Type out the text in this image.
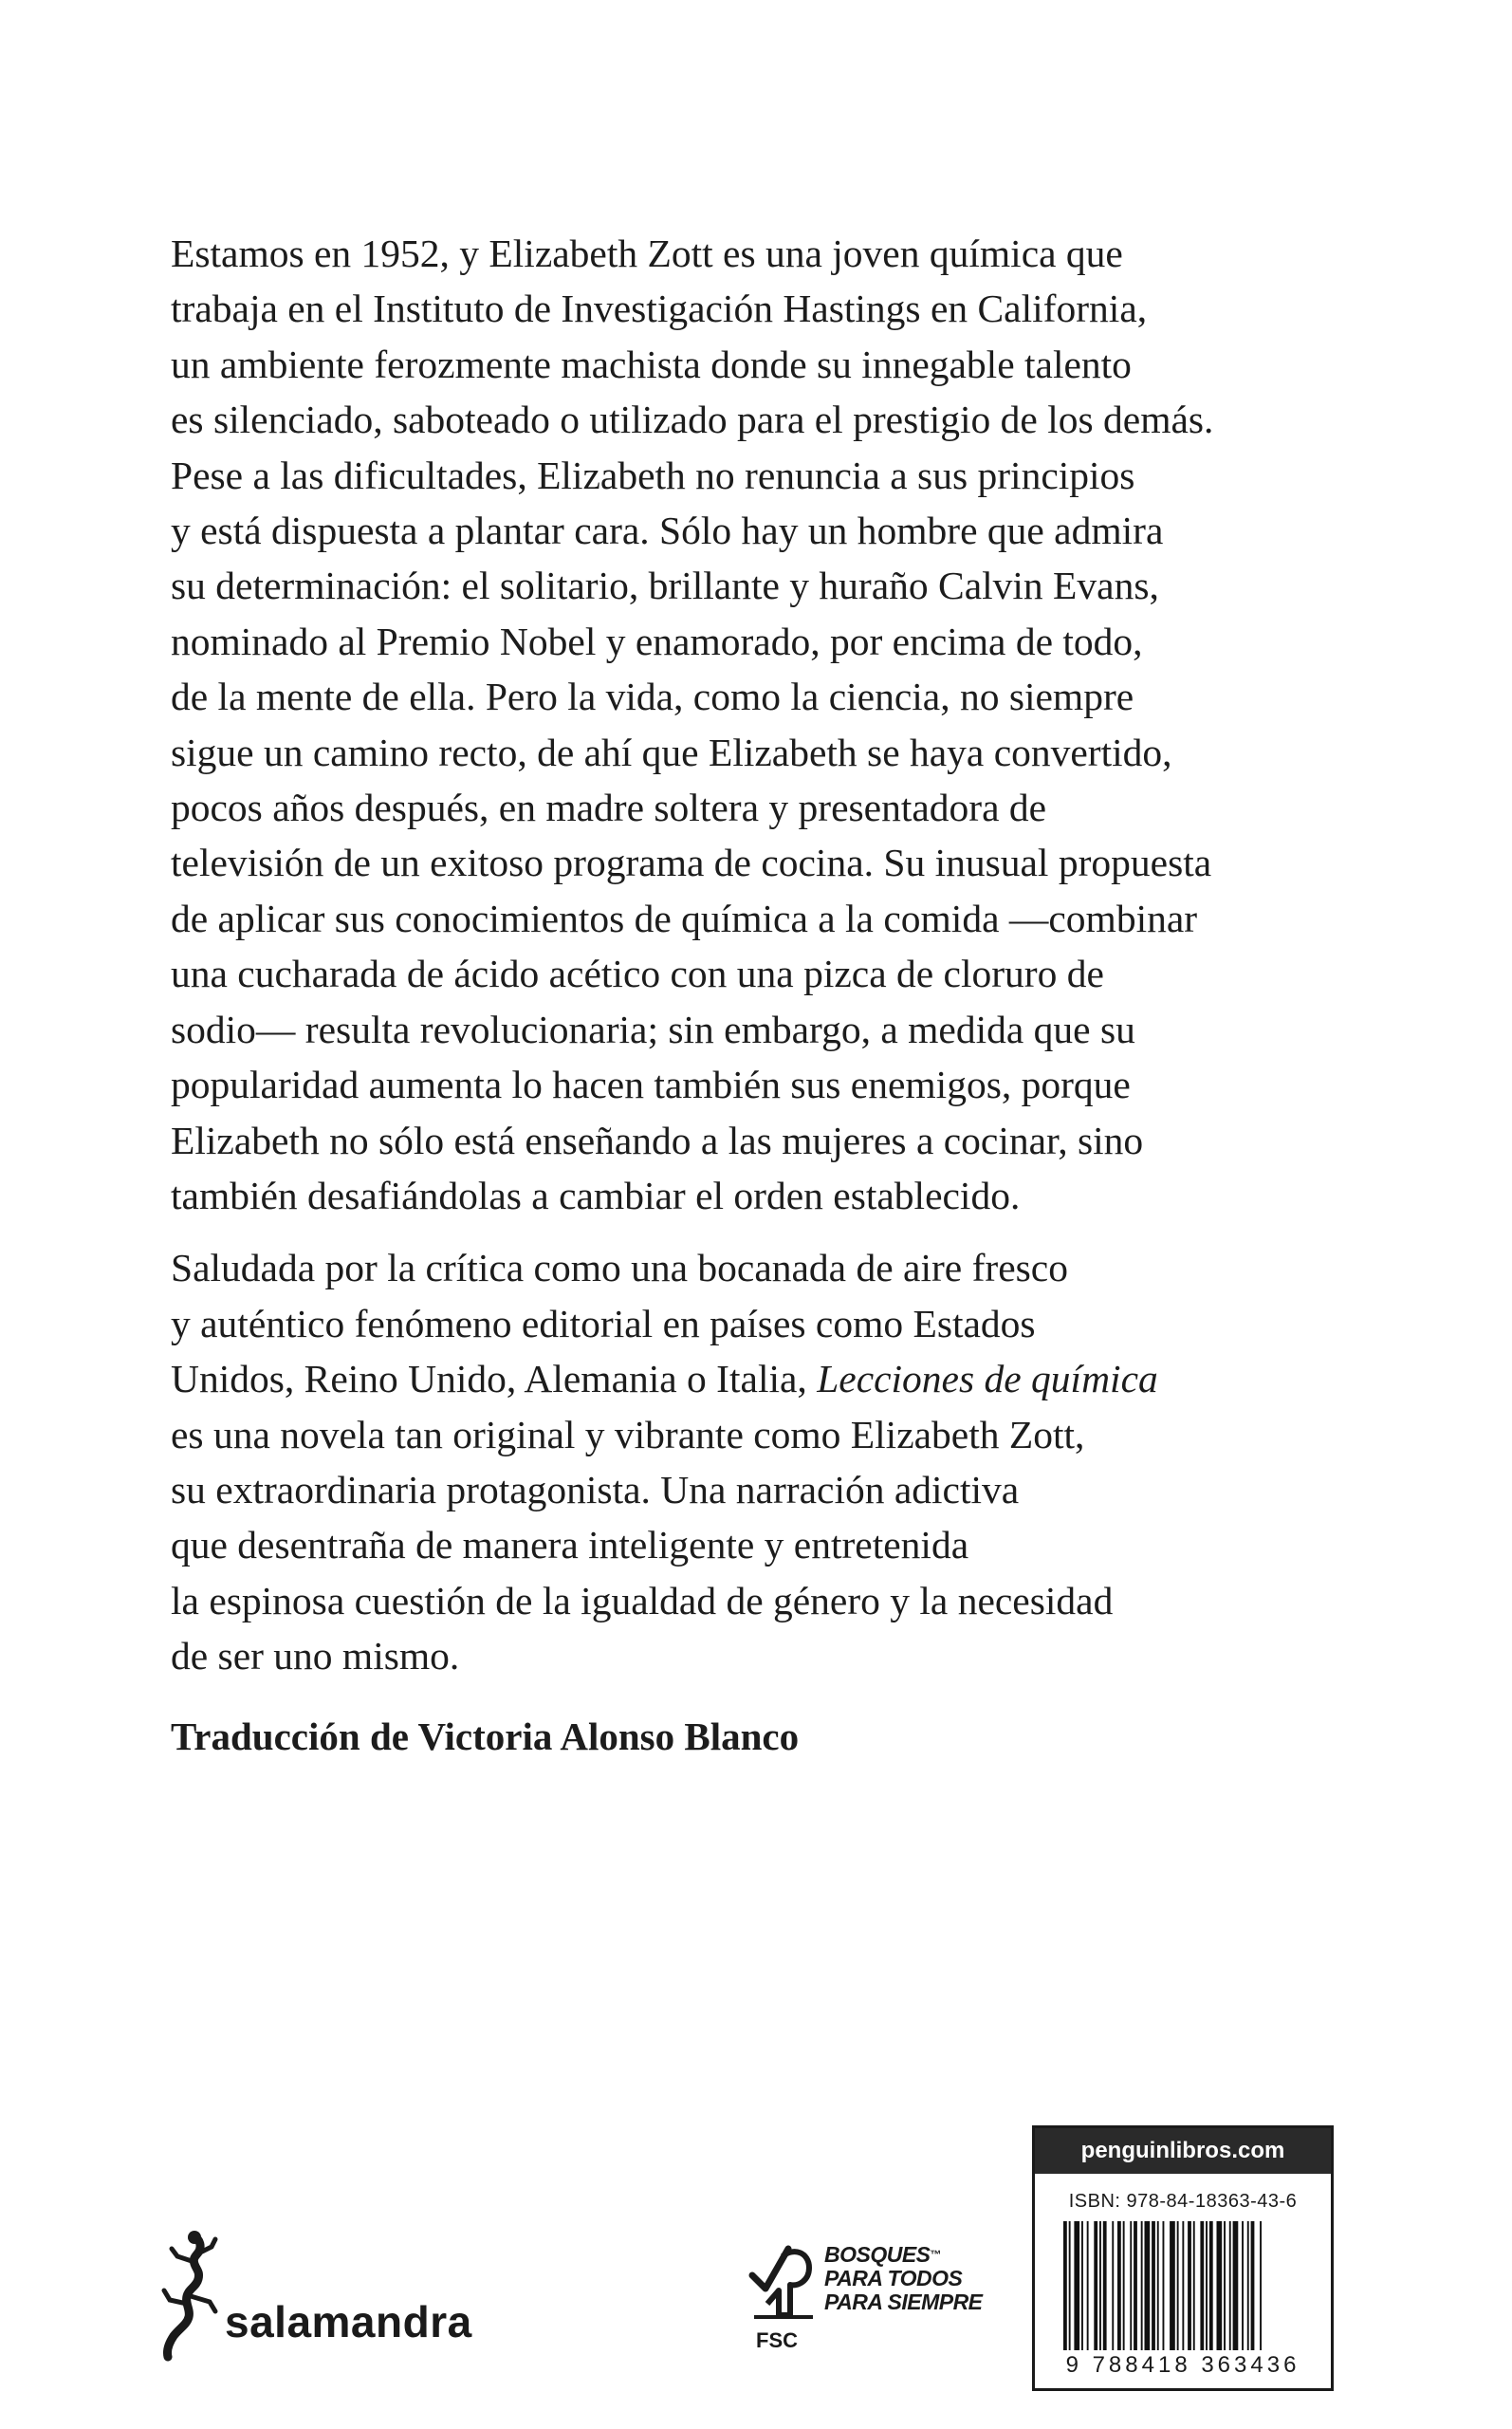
Estamos en 1952, y Elizabeth Zott es una joven química que
trabaja en el Instituto de Investigación Hastings en California,
un ambiente ferozmente machista donde su innegable talento
es silenciado, saboteado o utilizado para el prestigio de los demás.
Pese a las dificultades, Elizabeth no renuncia a sus principios
y está dispuesta a plantar cara. Sólo hay un hombre que admira
su determinación: el solitario, brillante y huraño Calvin Evans,
nominado al Premio Nobel y enamorado, por encima de todo,
de la mente de ella. Pero la vida, como la ciencia, no siempre
sigue un camino recto, de ahí que Elizabeth se haya convertido,
pocos años después, en madre soltera y presentadora de
televisión de un exitoso programa de cocina. Su inusual propuesta
de aplicar sus conocimientos de química a la comida —combinar
una cucharada de ácido acético con una pizca de cloruro de
sodio— resulta revolucionaria; sin embargo, a medida que su
popularidad aumenta lo hacen también sus enemigos, porque
Elizabeth no sólo está enseñando a las mujeres a cocinar, sino
también desafiándolas a cambiar el orden establecido.

Saludada por la crítica como una bocanada de aire fresco
y auténtico fenómeno editorial en países como Estados
Unidos, Reino Unido, Alemania o Italia, Lecciones de química
es una novela tan original y vibrante como Elizabeth Zott,
su extraordinaria protagonista. Una narración adictiva
que desentraña de manera inteligente y entretenida
la espinosa cuestión de la igualdad de género y la necesidad
de ser uno mismo.

Traducción de Victoria Alonso Blanco
salamandra
BOSQUES™
PARA TODOS
PARA SIEMPRE
FSC
penguinlibros.com
ISBN: 978-84-18363-43-6
9 788418 363436
